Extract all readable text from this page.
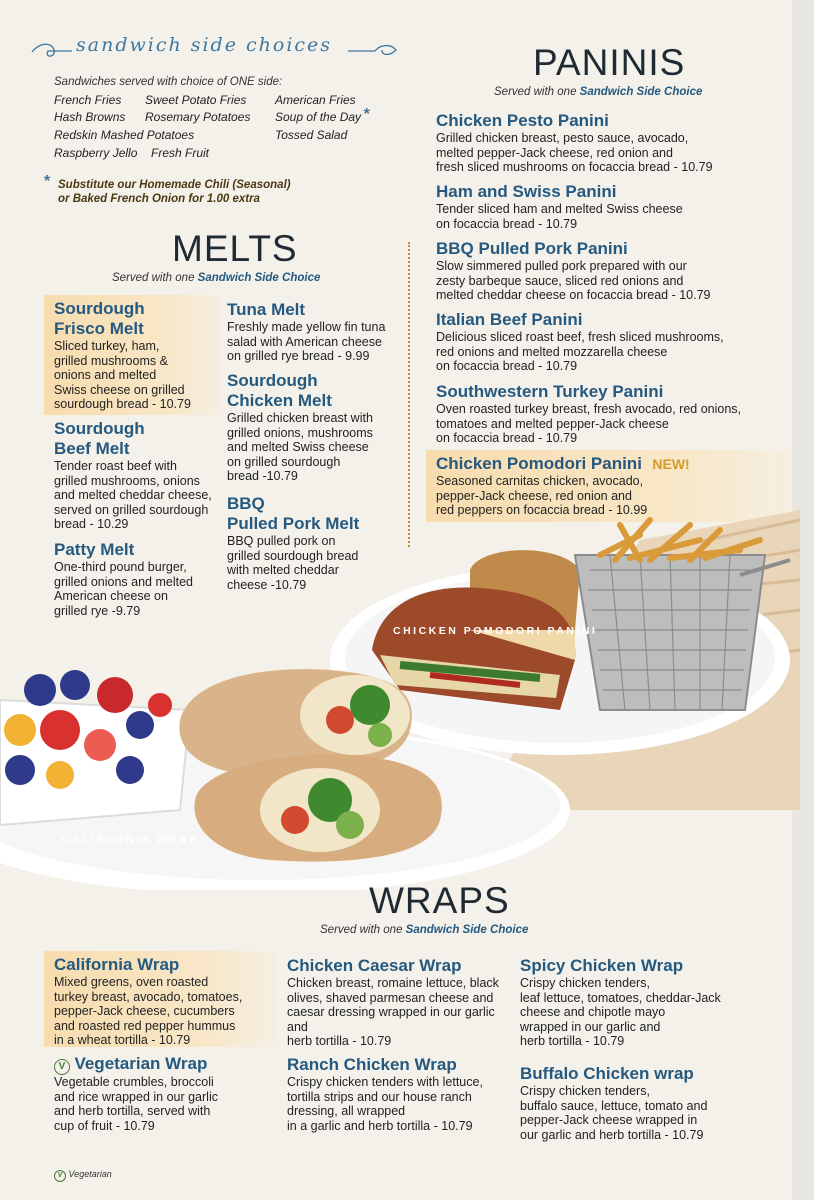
sandwich side choices
Sandwiches served with choice of ONE side:
French Fries Sweet Potato Fries American Fries
Hash Browns Rosemary Potatoes Soup of the Day *
Redskin Mashed Potatoes	Tossed Salad
Raspberry Jello Fresh Fruit
* Substitute our Homemade Chili (Seasonal)
or Baked French Onion for 1.00 extra
PANINIS
Served with one Sandwich Side Choice
Chicken Pesto Panini
Grilled chicken breast, pesto sauce, avocado,
melted pepper-Jack cheese, red onion and
fresh sliced mushrooms on focaccia bread - 10.79
Ham and Swiss Panini
Tender sliced ham and melted Swiss cheese
on focaccia bread - 10.79
BBQ Pulled Pork Panini
Slow simmered pulled pork prepared with our
zesty barbeque sauce, sliced red onions and
melted cheddar cheese on focaccia bread - 10.79
Italian Beef Panini
Delicious sliced roast beef, fresh sliced mushrooms,
red onions and melted mozzarella cheese
on focaccia bread - 10.79
Southwestern Turkey Panini
Oven roasted turkey breast, fresh avocado, red onions,
tomatoes and melted pepper-Jack cheese
on focaccia bread - 10.79
Chicken Pomodori Panini NEW!
Seasoned carnitas chicken, avocado,
pepper-Jack cheese, red onion and
red peppers on focaccia bread - 10.99
MELTS
Served with one Sandwich Side Choice
Sourdough
Frisco Melt
Sliced turkey, ham,
grilled mushrooms &
onions and melted
Swiss cheese on grilled
sourdough bread - 10.79
Sourdough
Beef Melt
Tender roast beef with
grilled mushrooms, onions
and melted cheddar cheese,
served on grilled sourdough
bread - 10.29
Patty Melt
One-third pound burger,
grilled onions and melted
American cheese on
grilled rye -9.79
Tuna Melt
Freshly made yellow fin tuna
salad with American cheese
on grilled rye bread - 9.99
Sourdough
Chicken Melt
Grilled chicken breast with
grilled onions, mushrooms
and melted Swiss cheese
on grilled sourdough
bread -10.79
BBQ
Pulled Pork Melt
BBQ pulled pork on
grilled sourdough bread
with melted cheddar
cheese -10.79
CHICKEN POMODORI PANINI
CALIFORNIA WRAP
WRAPS
Served with one Sandwich Side Choice
California Wrap
Mixed greens, oven roasted
turkey breast, avocado, tomatoes,
pepper-Jack cheese, cucumbers
and roasted red pepper hummus
in a wheat tortilla - 10.79
V Vegetarian Wrap
Vegetable crumbles, broccoli
and rice wrapped in our garlic
and herb tortilla, served with
cup of fruit - 10.79
Chicken Caesar Wrap
Chicken breast, romaine lettuce, black
olives, shaved parmesan cheese and
caesar dressing wrapped in our garlic
and
herb tortilla - 10.79
Ranch Chicken Wrap
Crispy chicken tenders with lettuce,
tortilla strips and our house ranch
dressing, all wrapped
in a garlic and herb tortilla - 10.79
Spicy Chicken Wrap
Crispy chicken tenders,
leaf lettuce, tomatoes, cheddar-Jack
cheese and chipotle mayo
wrapped in our garlic and
herb tortilla - 10.79
Buffalo Chicken wrap
Crispy chicken tenders,
buffalo sauce, lettuce, tomato and
pepper-Jack cheese wrapped in
our garlic and herb tortilla - 10.79
V Vegetarian
